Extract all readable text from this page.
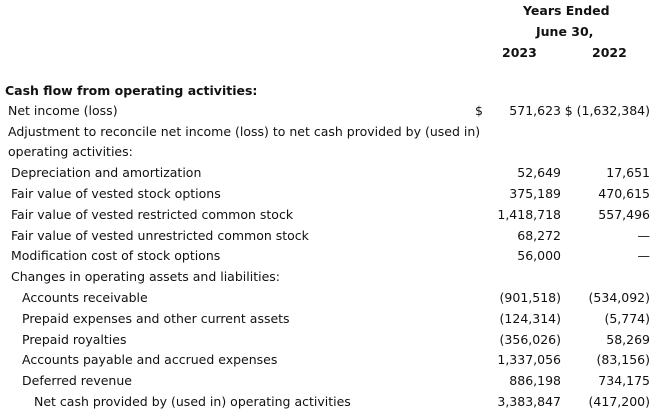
Years Ended
June 30,
2023	2022
Cash flow from operating activities:
Net income (loss)	$ 571,623 $ (1,632,384)
Adjustment to reconcile net income (loss) to net cash provided by (used in)
operating activities:
Depreciation and amortization	52,649	17,651
Fair value of vested stock options	375,189	470,615
Fair value of vested restricted common stock	1,418,718	557,496
Fair value of vested unrestricted common stock	68,272	—
Modification cost of stock options	56,000	—
Changes in operating assets and liabilities:
Accounts receivable	(901,518) (534,092)
Prepaid expenses and other current assets	(124,314)	(5,774)
Prepaid royalties	(356,026)	58,269
Accounts payable and accrued expenses	1,337,056	(83,156)
Deferred revenue	886,198	734,175
Net cash provided by (used in) operating activities	3,383,847 (417,200)
